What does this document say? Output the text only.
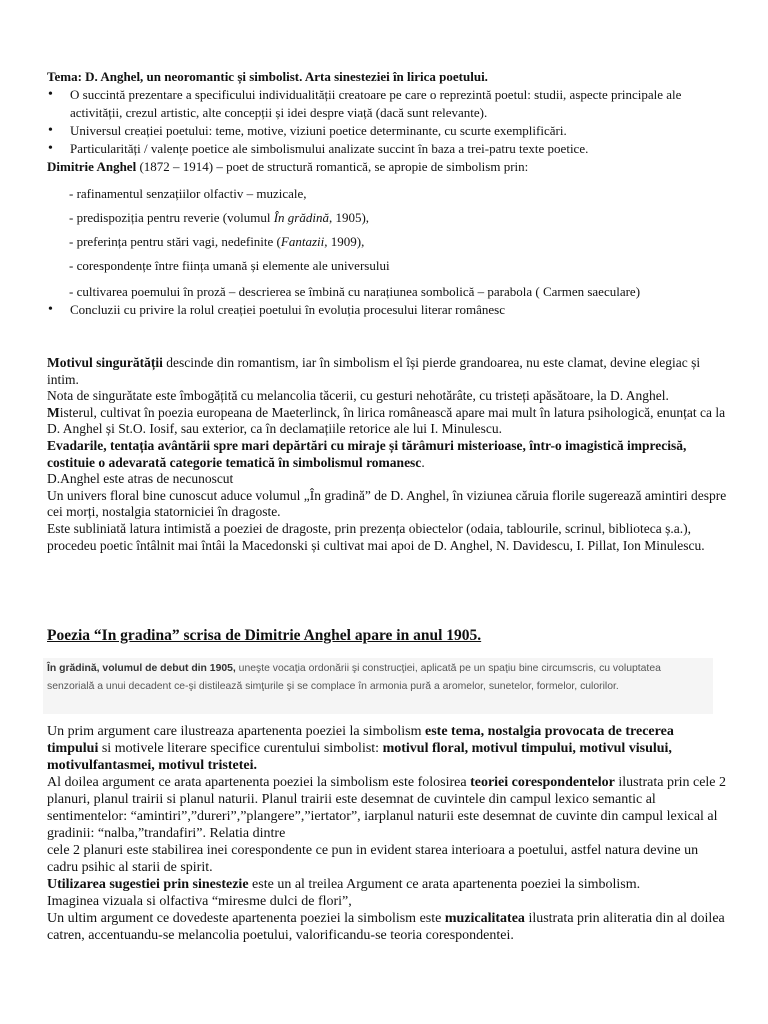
Tema: D. Anghel, un neoromantic și simbolist. Arta sinesteziei în lirica poetului.

• O succintă prezentare a specificului individualității creatoare pe care o reprezintă poetul: studii, aspecte principale ale activității, crezul artistic, alte concepții și idei despre viață (dacă sunt relevante).
• Universul creației poetului: teme, motive, viziuni poetice determinante, cu scurte exemplificări.
• Particularități / valențe poetice ale simbolismului analizate succint în baza a trei-patru texte poetice.

Dimitrie Anghel (1872 – 1914) – poet de structură romantică, se apropie de simbolism prin:

- rafinamentul senzațiilor olfactiv – muzicale,

- predispoziția pentru reverie (volumul În grădină, 1905),

- preferința pentru stări vagi, nedefinite (Fantazii, 1909),

- corespondențe între ființa umană și elemente ale universului

- cultivarea poemului în proză – descrierea se îmbină cu narațiunea sombolică – parabola ( Carmen saeculare)

• Concluzii cu privire la rolul creației poetului în evoluția procesului literar românesc

Motivul singurătății descinde din romantism, iar în simbolism el își pierde grandoarea, nu este clamat, devine elegiac și intim.

Nota de singurătate este îmbogățită cu melancolia tăcerii, cu gesturi nehotărâte, cu tristeți apăsătoare, la D. Anghel.

Misterul, cultivat în poezia europeana de Maeterlinck, în lirica românească apare mai mult în latura psihologică, enunțat ca la D. Anghel și St.O. Iosif, sau exterior, ca în declamațiile retorice ale lui I. Minulescu.

Evadarile, tentația avântării spre mari depărtări cu miraje și tărâmuri misterioase, într-o imagistică imprecisă, costituie o adevarată categorie tematică în simbolismul romanesc.

D.Anghel este atras de necunoscut

Un univers floral bine cunoscut aduce volumul „În gradină” de D. Anghel, în viziunea căruia florile sugerează amintiri despre cei morți, nostalgia statorniciei în dragoste.

Este subliniată latura intimistă a poeziei de dragoste, prin prezența obiectelor (odaia, tablourile, scrinul, biblioteca ș.a.), procedeu poetic întâlnit mai întâi la Macedonski și cultivat mai apoi de D. Anghel, N. Davidescu, I. Pillat, Ion Minulescu.

Poezia “In gradina” scrisa de Dimitrie Anghel apare in anul 1905.
În grădină, volumul de debut din 1905, uneşte vocaţia ordonării şi construcţiei, aplicată pe un spaţiu bine circumscris, cu voluptatea senzorială a unui decadent ce-şi distilează simţurile şi se complace în armonia pură a aromelor, sunetelor, formelor, culorilor.

Un prim argument care ilustreaza apartenenta poeziei la simbolism este tema, nostalgia provocata de trecerea timpului si motivele literare specifice curentului simbolist: motivul floral, motivul timpului, motivul visului, motivulfantasmei, motivul tristetei.

Al doilea argument ce arata apartenenta poeziei la simbolism este folosirea teoriei corespondentelor ilustrata prin cele 2 planuri, planul trairii si planul naturii. Planul trairii este desemnat de cuvintele din campul lexico semantic al sentimentelor: “amintiri”,”dureri”,”plangere”,”iertator”, iarplanul naturii este desemnat de cuvinte din campul lexical al gradinii: “nalba,”trandafiri”. Relatia dintre

cele 2 planuri este stabilirea inei corespondente ce pun in evident starea interioara a poetului, astfel natura devine un cadru psihic al starii de spirit.

Utilizarea sugestiei prin sinestezie este un al treilea Argument ce arata apartenenta poeziei la simbolism.

Imaginea vizuala si olfactiva “miresme dulci de flori”,

Un ultim argument ce dovedeste apartenenta poeziei la simbolism este muzicalitatea ilustrata prin aliteratia din al doilea catren, accentuandu-se melancolia poetului, valorificandu-se teoria corespondentei.
